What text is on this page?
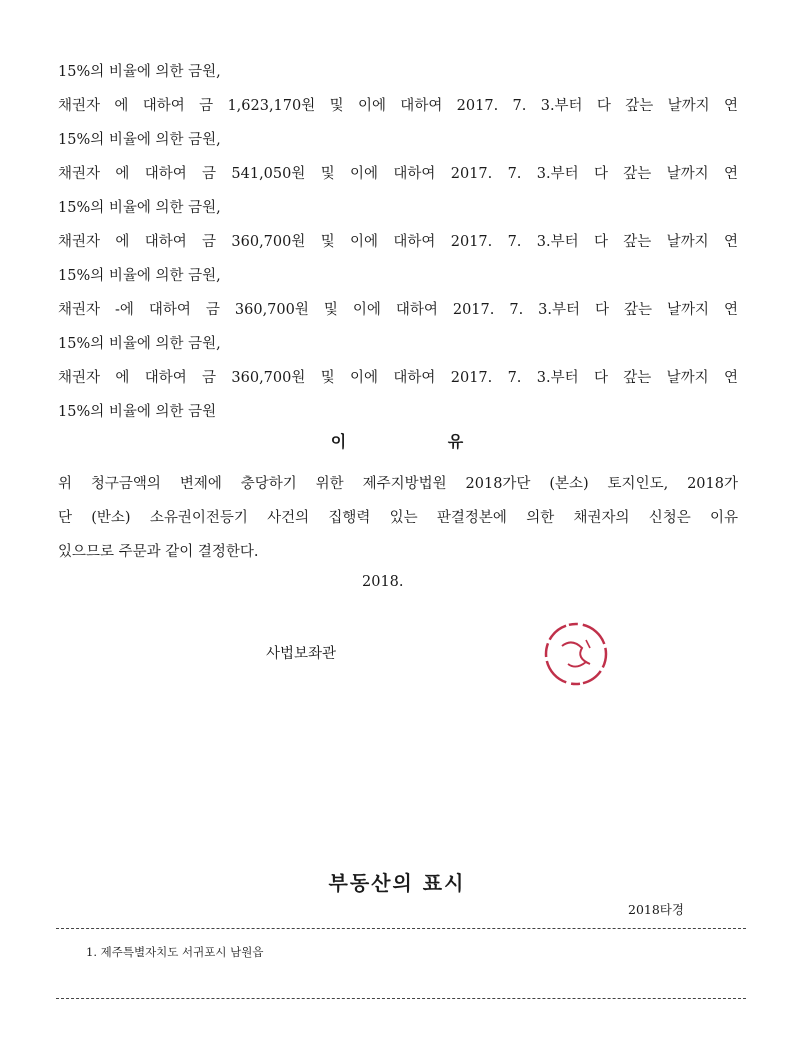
15%의 비율에 의한 금원,
채권자 에 대하여 금 1,623,170원 및 이에 대하여 2017. 7. 3.부터 다 갚는 날까지 연
15%의 비율에 의한 금원,
채권자 에 대하여 금 541,050원 및 이에 대하여 2017. 7. 3.부터 다 갚는 날까지 연
15%의 비율에 의한 금원,
채권자 에 대하여 금 360,700원 및 이에 대하여 2017. 7. 3.부터 다 갚는 날까지 연
15%의 비율에 의한 금원,
채권자 -에 대하여 금 360,700원 및 이에 대하여 2017. 7. 3.부터 다 갚는 날까지 연
15%의 비율에 의한 금원,
채권자 에 대하여 금 360,700원 및 이에 대하여 2017. 7. 3.부터 다 갚는 날까지 연
15%의 비율에 의한 금원
이 유
위 청구금액의 변제에 충당하기 위한 제주지방법원 2018가단 (본소) 토지인도, 2018가
단 (반소) 소유권이전등기 사건의 집행력 있는 판결정본에 의한 채권자의 신청은 이유
있으므로 주문과 같이 결정한다.
2018.
사법보좌관
부동산의 표시
2018타경
1. 제주특별자치도 서귀포시 남원읍
